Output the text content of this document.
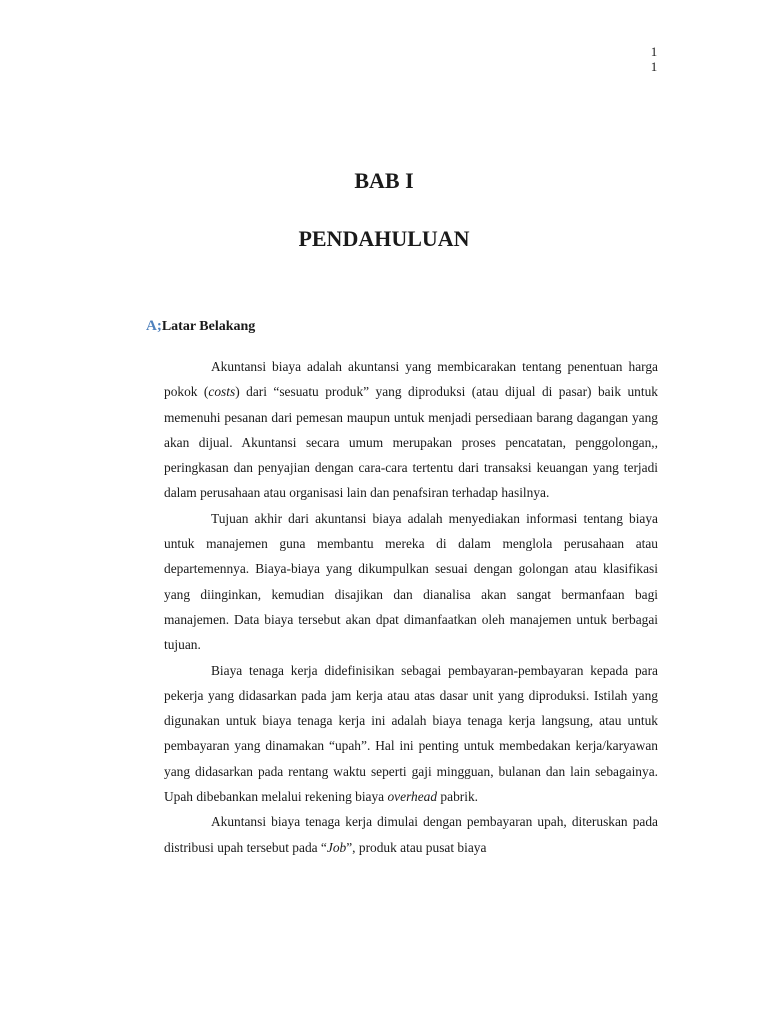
1
1
BAB I
PENDAHULUAN
A;Latar Belakang

Akuntansi biaya adalah akuntansi yang membicarakan tentang penentuan harga pokok (costs) dari “sesuatu produk” yang diproduksi (atau dijual di pasar) baik untuk memenuhi pesanan dari pemesan maupun untuk menjadi persediaan barang dagangan yang akan dijual. Akuntansi secara umum merupakan proses pencatatan, penggolongan,, peringkasan dan penyajian dengan cara-cara tertentu dari transaksi keuangan yang terjadi dalam perusahaan atau organisasi lain dan penafsiran terhadap hasilnya.

Tujuan akhir dari akuntansi biaya adalah menyediakan informasi tentang biaya untuk manajemen guna membantu mereka di dalam menglola perusahaan atau departemennya. Biaya-biaya yang dikumpulkan sesuai dengan golongan atau klasifikasi yang diinginkan, kemudian disajikan dan dianalisa akan sangat bermanfaan bagi manajemen. Data biaya tersebut akan dpat dimanfaatkan oleh manajemen untuk berbagai tujuan.

Biaya tenaga kerja didefinisikan sebagai pembayaran-pembayaran kepada para pekerja yang didasarkan pada jam kerja atau atas dasar unit yang diproduksi. Istilah yang digunakan untuk biaya tenaga kerja ini adalah biaya tenaga kerja langsung, atau untuk pembayaran yang dinamakan “upah”. Hal ini penting untuk membedakan kerja/karyawan yang didasarkan pada rentang waktu seperti gaji mingguan, bulanan dan lain sebagainya. Upah dibebankan melalui rekening biaya overhead pabrik.

Akuntansi biaya tenaga kerja dimulai dengan pembayaran upah, diteruskan pada distribusi upah tersebut pada “Job”, produk atau pusat biaya
